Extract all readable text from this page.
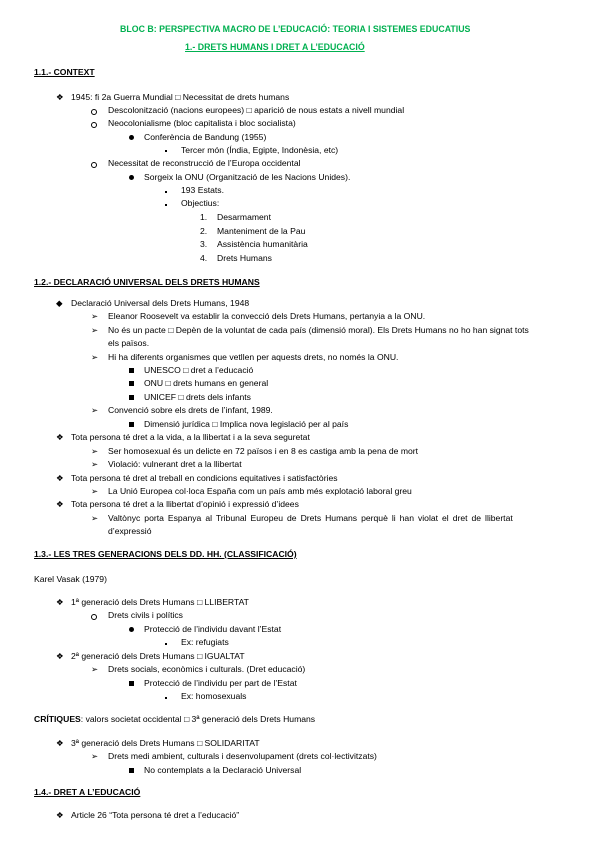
BLOC B: PERSPECTIVA MACRO DE L’EDUCACIÓ: TEORIA I SISTEMES EDUCATIUS
1.- DRETS HUMANS I DRET A L’EDUCACIÓ
1.1.- CONTEXT
❖ 1945: fi 2a Guerra Mundial □ Necessitat de drets humans
Descolonització (nacions europees) □ aparició de nous estats a nivell mundial
Neocolonialisme (bloc capitalista i bloc socialista)
Conferència de Bandung (1955)
Tercer món (Índia, Egipte, Indonèsia, etc)
Necessitat de reconstrucció de l’Europa occidental
Sorgeix la ONU (Organització de les Nacions Unides).
193 Estats.
Objectius:
1. Desarmament
2. Manteniment de la Pau
3. Assistència humanitària
4. Drets Humans
1.2.- DECLARACIÓ UNIVERSAL DELS DRETS HUMANS
◆ Declaració Universal dels Drets Humans, 1948
➢ Eleanor Roosevelt va establir la convecció dels Drets Humans, pertanyia a la ONU.
➢ No és un pacte □ Depèn de la voluntat de cada país (dimensió moral). Els Drets Humans no ho han signat tots
els països.
➢ Hi ha diferents organismes que vetllen per aquests drets, no només la ONU.
UNESCO □ dret a l’educació
ONU □ drets humans en general
UNICEF □ drets dels infants
➢ Convenció sobre els drets de l’infant, 1989.
Dimensió jurídica □ Implica nova legislació per al país
❖ Tota persona té dret a la vida, a la llibertat i a la seva seguretat
➢ Ser homosexual és un delicte en 72 països i en 8 es castiga amb la pena de mort
➢ Violació: vulnerant dret a la llibertat
❖ Tota persona té dret al treball en condicions equitatives i satisfactòries
➢ La Unió Europea col·loca España com un país amb més explotació laboral greu
❖ Tota persona té dret a la llibertat d’opinió i expressió d’idees
➢ Valtònyc porta Espanya al Tribunal Europeu de Drets Humans perquè li han violat el dret de llibertat
d’expressió
1.3.- LES TRES GENERACIONS DELS DD. HH. (CLASSIFICACIÓ)
Karel Vasak (1979)
❖ 1ª generació dels Drets Humans □ LLIBERTAT
Drets civils i polítics
Protecció de l’individu davant l’Estat
Ex: refugiats
❖ 2ª generació dels Drets Humans □ IGUALTAT
➢ Drets socials, econòmics i culturals. (Dret educació)
Protecció de l’individu per part de l’Estat
Ex: homosexuals
CRÍTIQUES: valors societat occidental □ 3ª generació dels Drets Humans
❖ 3ª generació dels Drets Humans □ SOLIDARITAT
➢ Drets medi ambient, culturals i desenvolupament (drets col·lectivitzats)
No contemplats a la Declaració Universal
1.4.- DRET A L’EDUCACIÓ
❖ Article 26 “Tota persona té dret a l’educació”
